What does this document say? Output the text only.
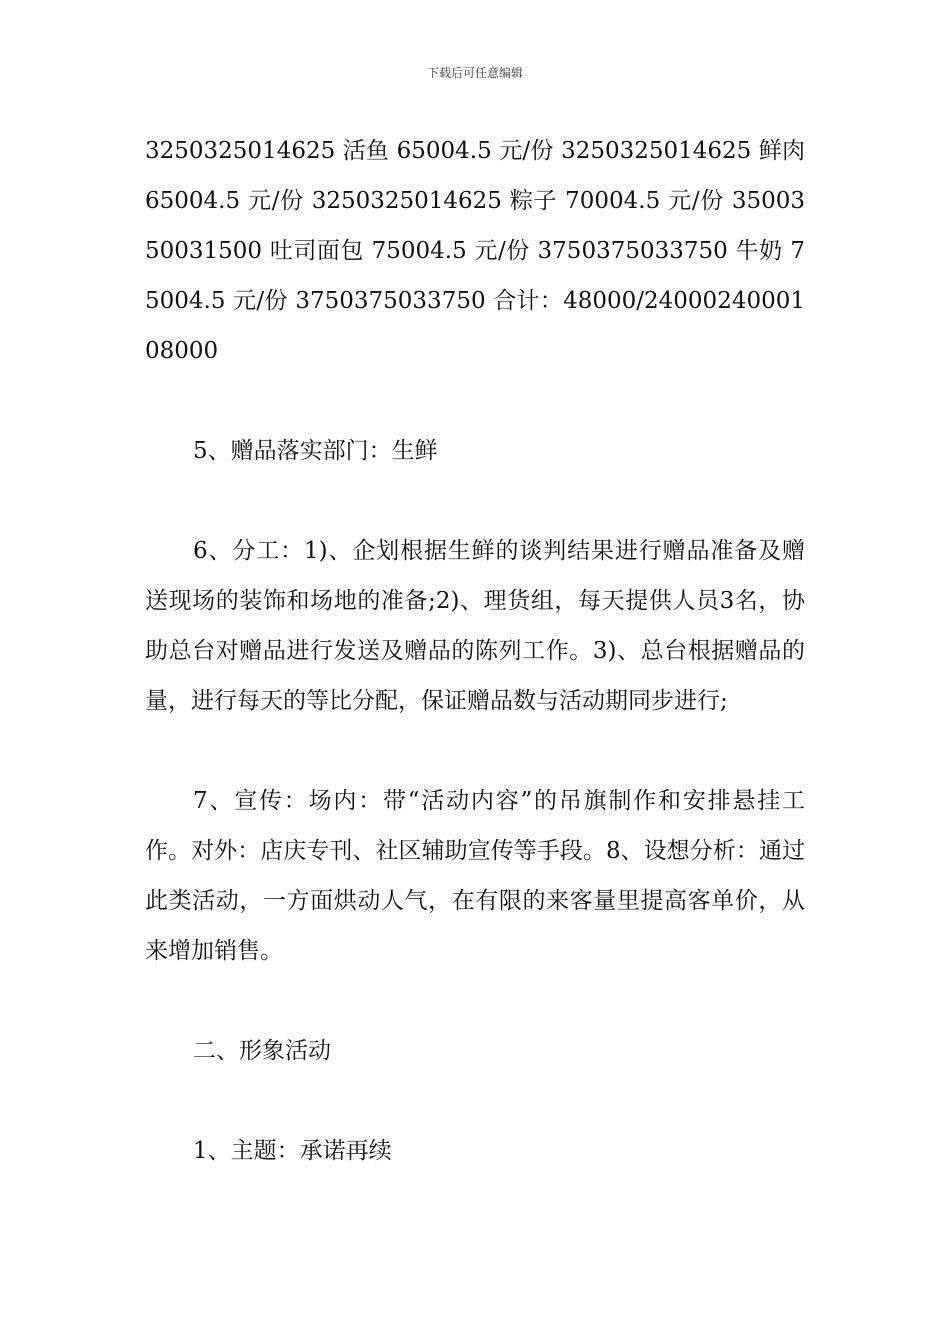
下载后可任意编辑

3250325014625 活鱼 65004.5 元/份 3250325014625 鲜肉 65004.5 元/份 3250325014625 粽子 70004.5 元/份 3500350031500 吐司面包 75004.5 元/份 3750375033750 牛奶 75004.5 元/份 3750375033750 合计：48000/2400024000108000

5、赠品落实部门：生鲜

6、分工：1)、企划根据生鲜的谈判结果进行赠品准备及赠送现场的装饰和场地的准备;2)、理货组，每天提供人员3名，协助总台对赠品进行发送及赠品的陈列工作。3)、总台根据赠品的量，进行每天的等比分配，保证赠品数与活动期同步进行;

7、宣传：场内：带“活动内容”的吊旗制作和安排悬挂工作。对外：店庆专刊、社区辅助宣传等手段。8、设想分析：通过此类活动，一方面烘动人气，在有限的来客量里提高客单价，从来增加销售。

二、形象活动

1、主题：承诺再续
